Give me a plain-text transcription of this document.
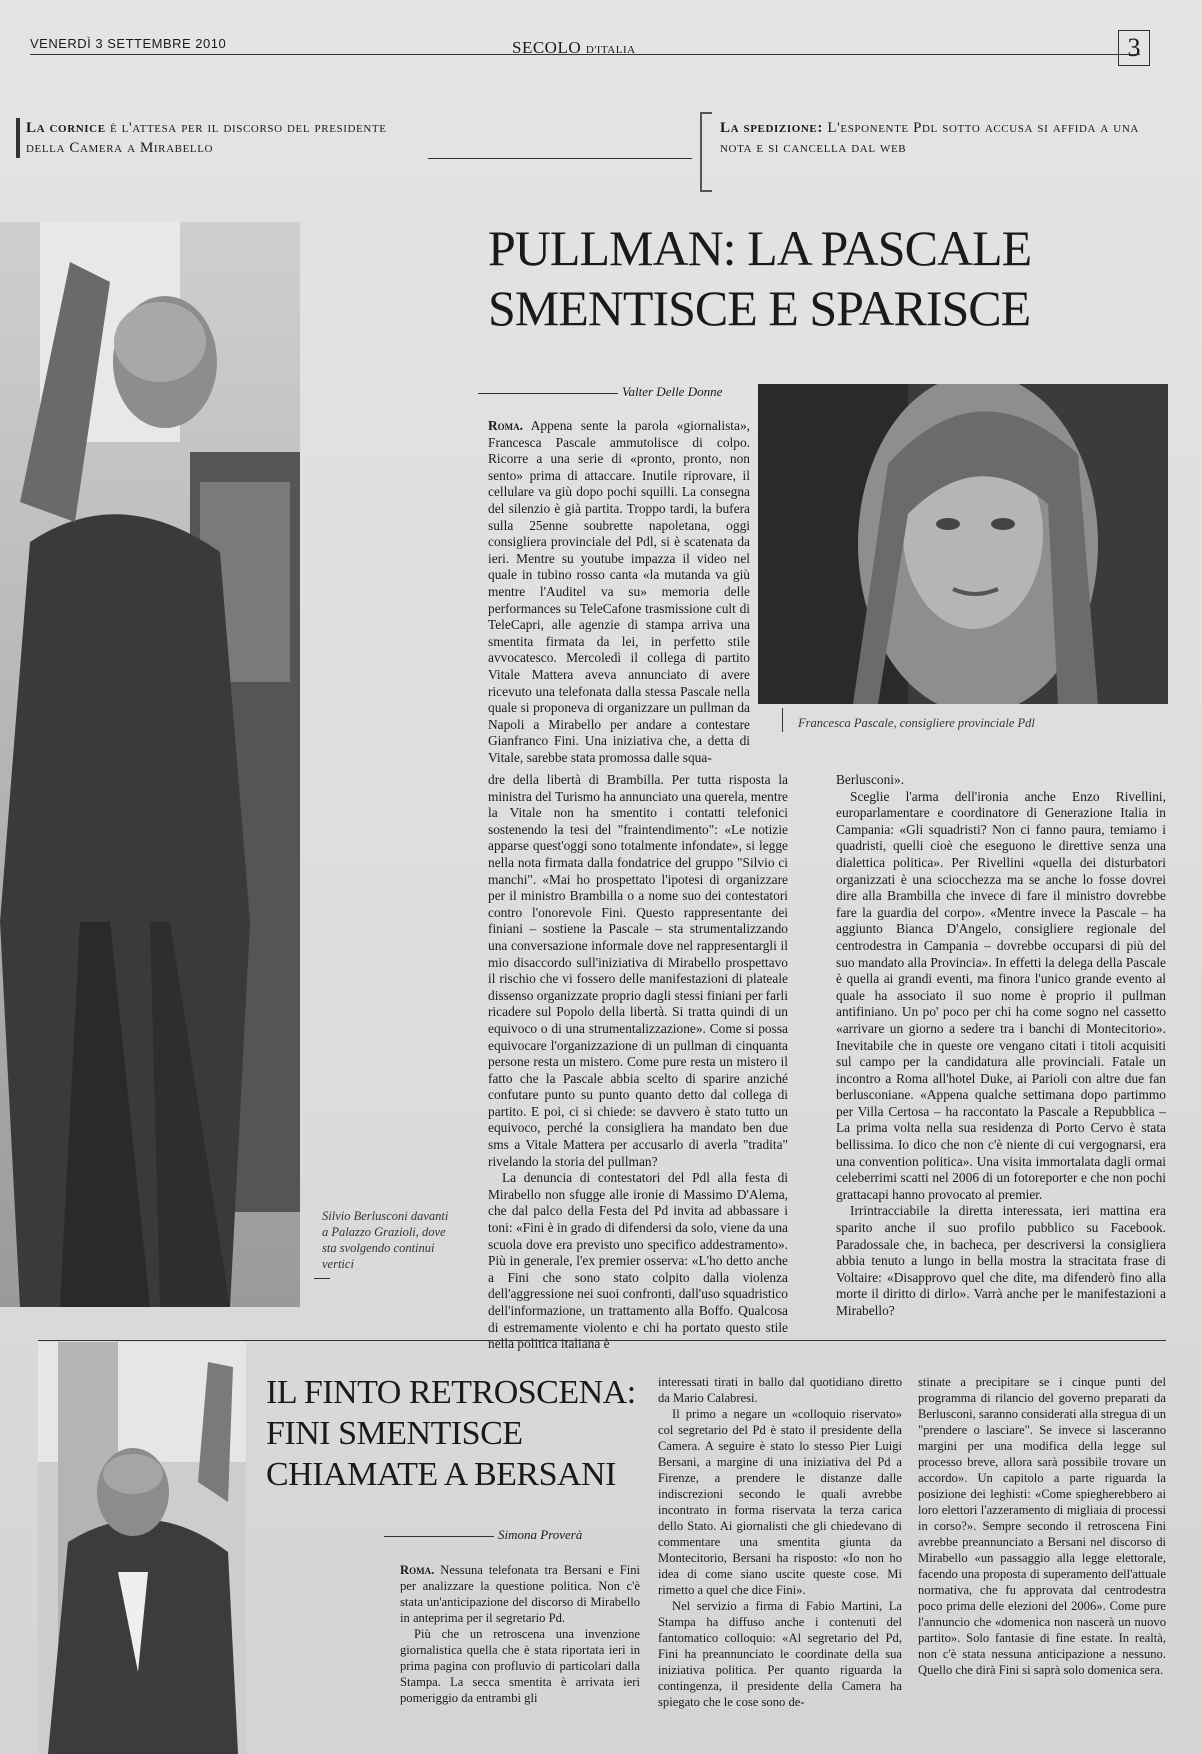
VENERDÌ 3 SETTEMBRE 2010	SECOLO D'ITALIA	3
La cornice è l'attesa per il discorso del presidente della Camera a Mirabello
La spedizione: L'esponente Pdl sotto accusa si affida a una nota e si cancella dal web
Silvio Berlusconi davanti a Palazzo Grazioli, dove sta svolgendo continui vertici
PULLMAN: LA PASCALE SMENTISCE E SPARISCE
Valter Delle Donne
Francesca Pascale, consigliere provinciale Pdl

Roma. Appena sente la parola «giornalista», Francesca Pascale ammutolisce di colpo. Ricorre a una serie di «pronto, pronto, non sento» prima di attaccare. Inutile riprovare, il cellulare va giù dopo pochi squilli. La consegna del silenzio è già partita. Troppo tardi, la bufera sulla 25enne soubrette napoletana, oggi consigliera provinciale del Pdl, si è scatenata da ieri. Mentre su youtube impazza il video nel quale in tubino rosso canta «la mutanda va giù mentre l'Auditel va su» memoria delle performances su TeleCafone trasmissione cult di TeleCapri, alle agenzie di stampa arriva una smentita firmata da lei, in perfetto stile avvocatesco. Mercoledì il collega di partito Vitale Mattera aveva annunciato di avere ricevuto una telefonata dalla stessa Pascale nella quale si proponeva di organizzare un pullman da Napoli a Mirabello per andare a contestare Gianfranco Fini. Una iniziativa che, a detta di Vitale, sarebbe stata promossa dalle squa-

dre della libertà di Brambilla. Per tutta risposta la ministra del Turismo ha annunciato una querela, mentre la Vitale non ha smentito i contatti telefonici sostenendo la tesi del "fraintendimento": «Le notizie apparse quest'oggi sono totalmente infondate», si legge nella nota firmata dalla fondatrice del gruppo "Silvio ci manchi". «Mai ho prospettato l'ipotesi di organizzare per il ministro Brambilla o a nome suo dei contestatori contro l'onorevole Fini. Questo rappresentante dei finiani – sostiene la Pascale – sta strumentalizzando una conversazione informale dove nel rappresentargli il mio disaccordo sull'iniziativa di Mirabello prospettavo il rischio che vi fossero delle manifestazioni di plateale dissenso organizzate proprio dagli stessi finiani per farli ricadere sul Popolo della libertà. Si tratta quindi di un equivoco o di una strumentalizzazione». Come si possa equivocare l'organizzazione di un pullman di cinquanta persone resta un mistero. Come pure resta un mistero il fatto che la Pascale abbia scelto di sparire anziché confutare punto su punto quanto detto dal collega di partito. E poi, ci si chiede: se davvero è stato tutto un equivoco, perché la consigliera ha mandato ben due sms a Vitale Mattera per accusarlo di averla "tradita" rivelando la storia del pullman?

La denuncia di contestatori del Pdl alla festa di Mirabello non sfugge alle ironie di Massimo D'Alema, che dal palco della Festa del Pd invita ad abbassare i toni: «Fini è in grado di difendersi da solo, viene da una scuola dove era previsto uno specifico addestramento». Più in generale, l'ex premier osserva: «L'ho detto anche a Fini che sono stato colpito dalla violenza dell'aggressione nei suoi confronti, dall'uso squadristico dell'informazione, un trattamento alla Boffo. Qualcosa di estremamente violento e chi ha portato questo stile nella politica italiana è

Berlusconi».

Sceglie l'arma dell'ironia anche Enzo Rivellini, europarlamentare e coordinatore di Generazione Italia in Campania: «Gli squadristi? Non ci fanno paura, temiamo i quadristi, quelli cioè che eseguono le direttive senza una dialettica politica». Per Rivellini «quella dei disturbatori organizzati è una sciocchezza ma se anche lo fosse dovrei dire alla Brambilla che invece di fare il ministro dovrebbe fare la guardia del corpo». «Mentre invece la Pascale – ha aggiunto Bianca D'Angelo, consigliere regionale del centrodestra in Campania – dovrebbe occuparsi di più del suo mandato alla Provincia». In effetti la delega della Pascale è quella ai grandi eventi, ma finora l'unico grande evento al quale ha associato il suo nome è proprio il pullman antifiniano. Un po' poco per chi ha come sogno nel cassetto «arrivare un giorno a sedere tra i banchi di Montecitorio». Inevitabile che in queste ore vengano citati i titoli acquisiti sul campo per la candidatura alle provinciali. Fatale un incontro a Roma all'hotel Duke, ai Parioli con altre due fan berlusconiane. «Appena qualche settimana dopo partimmo per Villa Certosa – ha raccontato la Pascale a Repubblica – La prima volta nella sua residenza di Porto Cervo è stata bellissima. Io dico che non c'è niente di cui vergognarsi, era una convention politica». Una visita immortalata dagli ormai celeberrimi scatti nel 2006 di un fotoreporter e che non pochi grattacapi hanno provocato al premier.

Irrintracciabile la diretta interessata, ieri mattina era sparito anche il suo profilo pubblico su Facebook. Paradossale che, in bacheca, per descriversi la consigliera abbia tenuto a lungo in bella mostra la stracitata frase di Voltaire: «Disapprovo quel che dite, ma difenderò fino alla morte il diritto di dirlo». Varrà anche per le manifestazioni a Mirabello?

IL FINTO RETROSCENA: FINI SMENTISCE CHIAMATE A BERSANI
Simona Proverà

Roma. Nessuna telefonata tra Bersani e Fini per analizzare la questione politica. Non c'è stata un'anticipazione del discorso di Mirabello in anteprima per il segretario Pd.

Più che un retroscena una invenzione giornalistica quella che è stata riportata ieri in prima pagina con profluvio di particolari dalla Stampa. La secca smentita è arrivata ieri pomeriggio da entrambi gli

interessati tirati in ballo dal quotidiano diretto da Mario Calabresi.

Il primo a negare un «colloquio riservato» col segretario del Pd è stato il presidente della Camera. A seguire è stato lo stesso Pier Luigi Bersani, a margine di una iniziativa del Pd a Firenze, a prendere le distanze dalle indiscrezioni secondo le quali avrebbe incontrato in forma riservata la terza carica dello Stato. Ai giornalisti che gli chiedevano di commentare una smentita giunta da Montecitorio, Bersani ha risposto: «Io non ho idea di come siano uscite queste cose. Mi rimetto a quel che dice Fini».

Nel servizio a firma di Fabio Martini, La Stampa ha diffuso anche i contenuti del fantomatico colloquio: «Al segretario del Pd, Fini ha preannunciato le coordinate della sua iniziativa politica. Per quanto riguarda la contingenza, il presidente della Camera ha spiegato che le cose sono de-

stinate a precipitare se i cinque punti del programma di rilancio del governo preparati da Berlusconi, saranno considerati alla stregua di un "prendere o lasciare". Se invece si lasceranno margini per una modifica della legge sul processo breve, allora sarà possibile trovare un accordo». Un capitolo a parte riguarda la posizione dei leghisti: «Come spiegherebbero ai loro elettori l'azzeramento di migliaia di processi in corso?». Sempre secondo il retroscena Fini avrebbe preannunciato a Bersani nel discorso di Mirabello «un passaggio alla legge elettorale, facendo una proposta di superamento dell'attuale normativa, che fu approvata dal centrodestra poco prima delle elezioni del 2006». Come pure l'annuncio che «domenica non nascerà un nuovo partito». Solo fantasie di fine estate. In realtà, non c'è stata nessuna anticipazione a nessuno. Quello che dirà Fini si saprà solo domenica sera.
